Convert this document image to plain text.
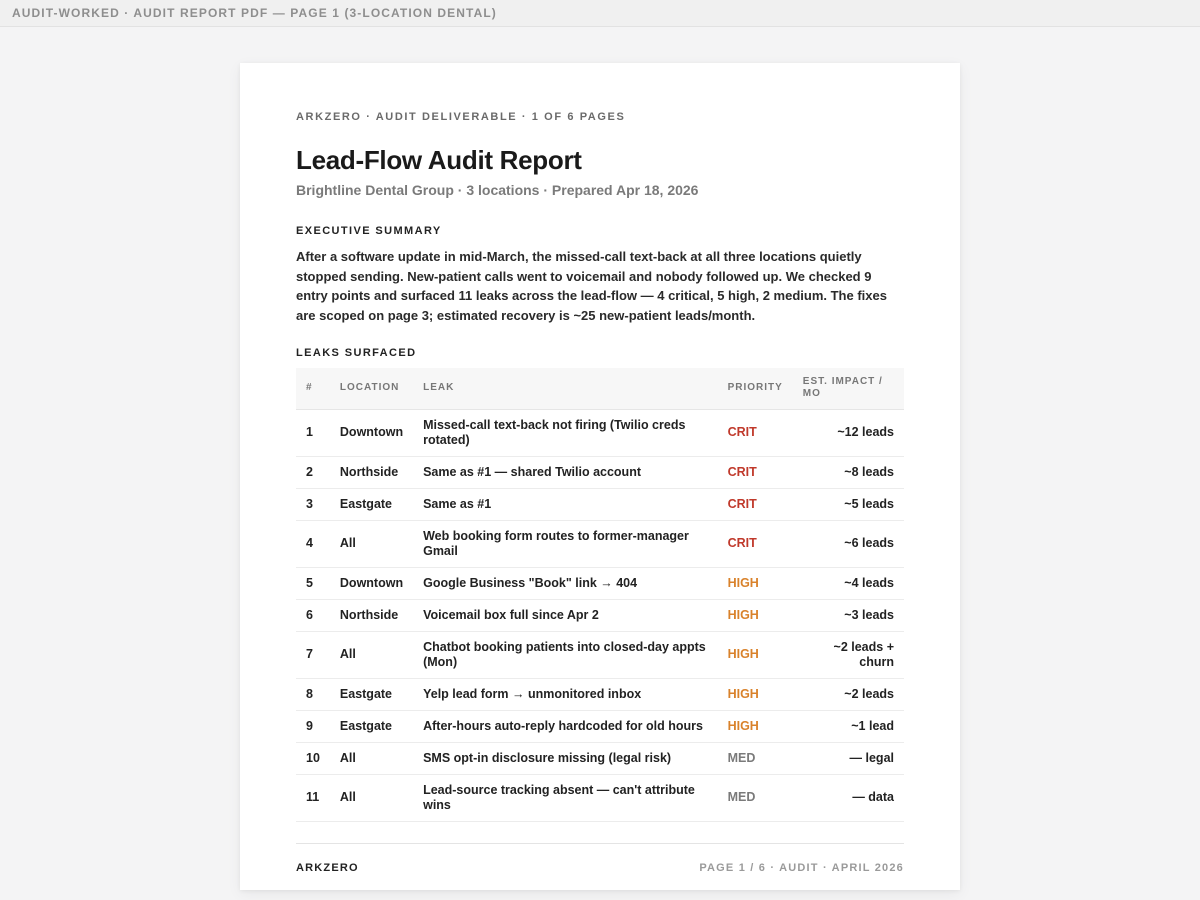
AUDIT-WORKED · AUDIT REPORT PDF — PAGE 1 (3-LOCATION DENTAL)
ARKZERO · AUDIT DELIVERABLE · 1 OF 6 PAGES
Lead-Flow Audit Report
Brightline Dental Group · 3 locations · Prepared Apr 18, 2026
EXECUTIVE SUMMARY

After a software update in mid-March, the missed-call text-back at all three locations quietly stopped sending. New-patient calls went to voicemail and nobody followed up. We checked 9 entry points and surfaced 11 leaks across the lead-flow — 4 critical, 5 high, 2 medium. The fixes are scoped on page 3; estimated recovery is ~25 new-patient leads/month.

LEAKS SURFACED
#	LOCATION	LEAK	PRIORITY	EST. IMPACT / MO
1	Downtown	Missed-call text-back not firing (Twilio creds rotated)	CRIT	~12 leads
2	Northside	Same as #1 — shared Twilio account	CRIT	~8 leads
3	Eastgate	Same as #1	CRIT	~5 leads
4	All	Web booking form routes to former-manager Gmail	CRIT	~6 leads
5	Downtown	Google Business "Book" link → 404	HIGH	~4 leads
6	Northside	Voicemail box full since Apr 2	HIGH	~3 leads
7	All	Chatbot booking patients into closed-day appts (Mon)	HIGH	~2 leads + churn
8	Eastgate	Yelp lead form → unmonitored inbox	HIGH	~2 leads
9	Eastgate	After-hours auto-reply hardcoded for old hours	HIGH	~1 lead
10	All	SMS opt-in disclosure missing (legal risk)	MED	— legal
11	All	Lead-source tracking absent — can't attribute wins	MED	— data
ARKZERO	PAGE 1 / 6 · AUDIT · APRIL 2026
